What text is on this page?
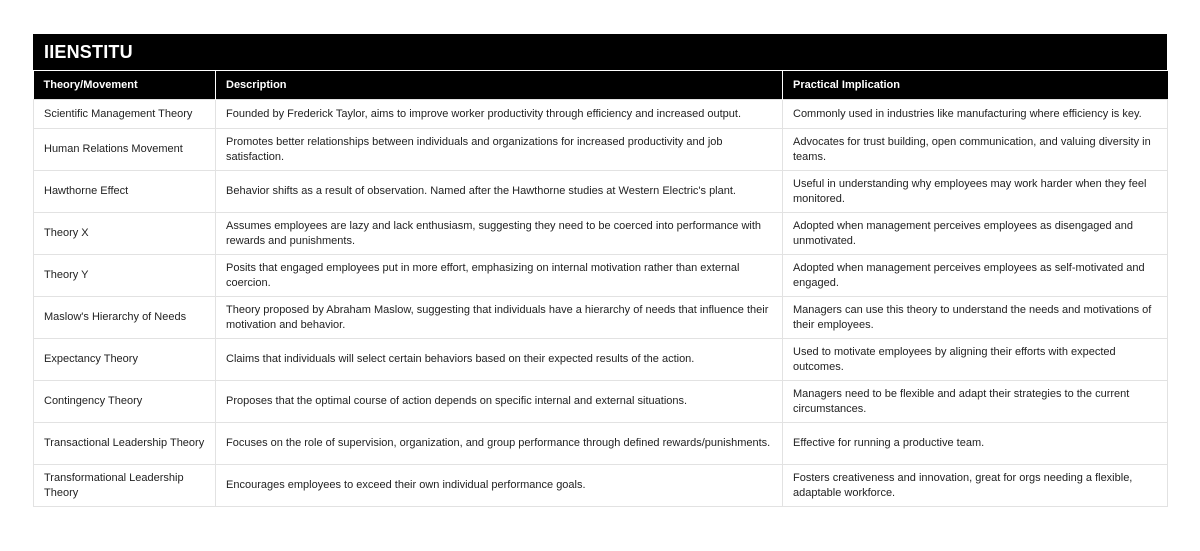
IIENSTITU
Theory/Movement	Description	Practical Implication
Scientific Management Theory	Founded by Frederick Taylor, aims to improve worker productivity through efficiency and increased output.	Commonly used in industries like manufacturing where efficiency is key.
Human Relations Movement	Promotes better relationships between individuals and organizations for increased productivity and job satisfaction.	Advocates for trust building, open communication, and valuing diversity in teams.
Hawthorne Effect	Behavior shifts as a result of observation. Named after the Hawthorne studies at Western Electric's plant.	Useful in understanding why employees may work harder when they feel monitored.
Theory X	Assumes employees are lazy and lack enthusiasm, suggesting they need to be coerced into performance with rewards and punishments.	Adopted when management perceives employees as disengaged and unmotivated.
Theory Y	Posits that engaged employees put in more effort, emphasizing on internal motivation rather than external coercion.	Adopted when management perceives employees as self-motivated and engaged.
Maslow's Hierarchy of Needs	Theory proposed by Abraham Maslow, suggesting that individuals have a hierarchy of needs that influence their motivation and behavior.	Managers can use this theory to understand the needs and motivations of their employees.
Expectancy Theory	Claims that individuals will select certain behaviors based on their expected results of the action.	Used to motivate employees by aligning their efforts with expected outcomes.
Contingency Theory	Proposes that the optimal course of action depends on specific internal and external situations.	Managers need to be flexible and adapt their strategies to the current circumstances.
Transactional Leadership Theory	Focuses on the role of supervision, organization, and group performance through defined rewards/punishments.	Effective for running a productive team.
Transformational Leadership Theory	Encourages employees to exceed their own individual performance goals.	Fosters creativeness and innovation, great for orgs needing a flexible, adaptable workforce.
